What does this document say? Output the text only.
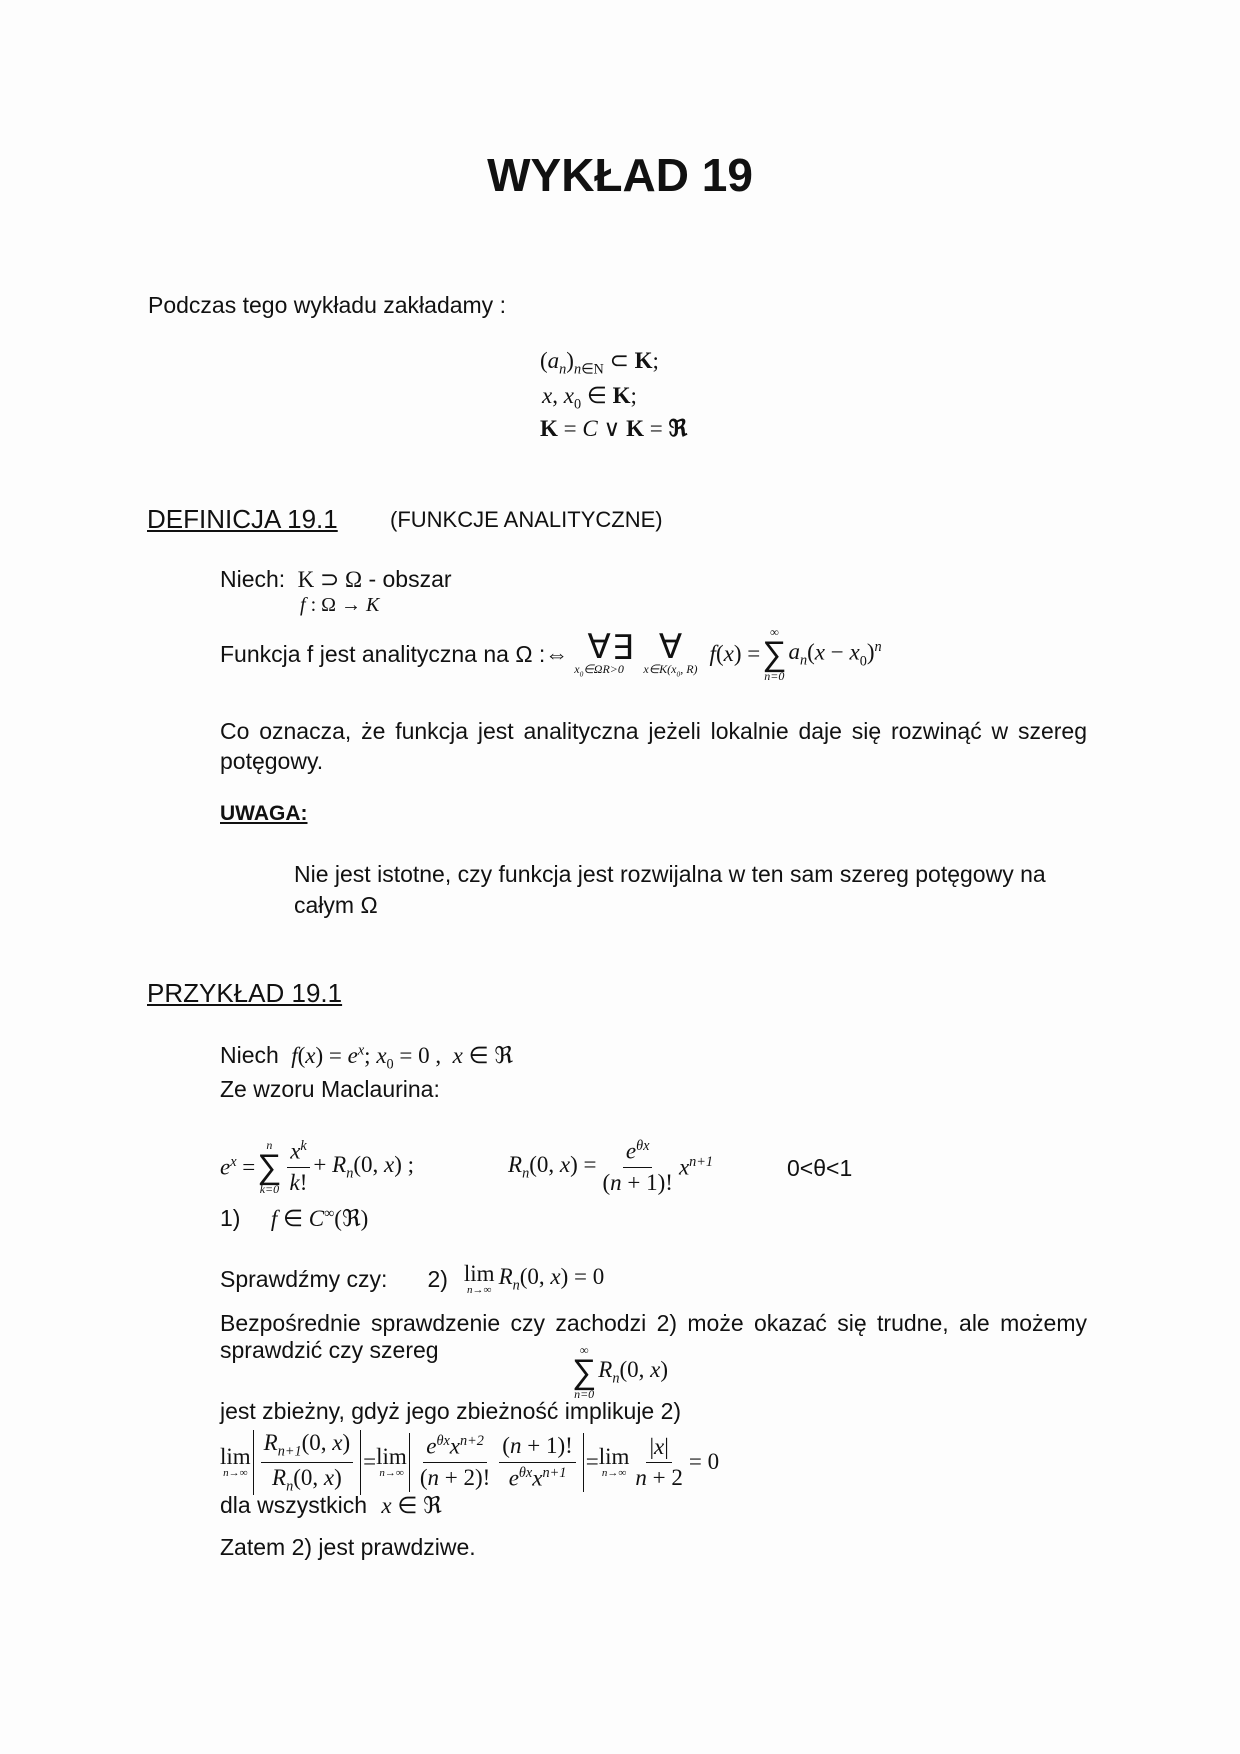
WYKŁAD 19
Podczas tego wykładu zakładamy :
$(a_n)_{n\in N}$ ⊂ K;
x, $x_0$ ∈ K;
K = C ∨ K = ℜ
DEFINICJA 19.1 (FUNKCJE ANALITYCZNE)
Niech: K ⊃ Ω - obszar
f : Ω → K
Funkcja f jest analityczna na Ω :⇔ ∀
$x_0\in\Omega R>0$
∃
∀
$x\in K(x_0$, R)
f(x) =
∞
∑
n=0
$a_n(x - x_0)^n$
Co oznacza, że funkcja jest analityczna jeżeli lokalnie daje się rozwinąć w szereg potęgowy.
UWAGA:
Nie jest istotne, czy funkcja jest rozwijalna w ten sam szereg potęgowy na całym Ω
PRZYKŁAD 19.1
Niech $f(x) = e^x$; $x_0 = 0$ ,  x ∈ ℜ
Ze wzoru Maclaurina:
$e^x$ =
n
∑
$k=0 \frac{x^k}{k!} + R_n(0$, x) ;	$R_n(0$, $x) = \frac{e^{\theta x}}{(n + 1)!} x^{n+1}$	0<θ<1
1) f ∈ C∞(ℜ)
Sprawdźmy czy: 2) lim
n→∞
$R_n(0$, x) = 0
Bezpośrednie sprawdzenie czy zachodzi 2) może okazać się trudne, ale możemy sprawdzić czy szereg	∞
∑
n=0
$R_n(0$, x)
jest zbieżny, gdyż jego zbieżność implikuje 2)
lim
$n\to\infty \frac{R_{n+1}(0, x)}{R_n(0, x)} = \lim$
$n\to\infty \frac{e^{\theta x}x^{n+2}}{(n + 2)!} \frac{(n + 1)!}{e^{\theta x}x^{n+1}} = \lim$
$n\to\infty \frac{|x|}{n + 2} = 0$
dla wszystkich x ∈ ℜ
Zatem 2) jest prawdziwe.
